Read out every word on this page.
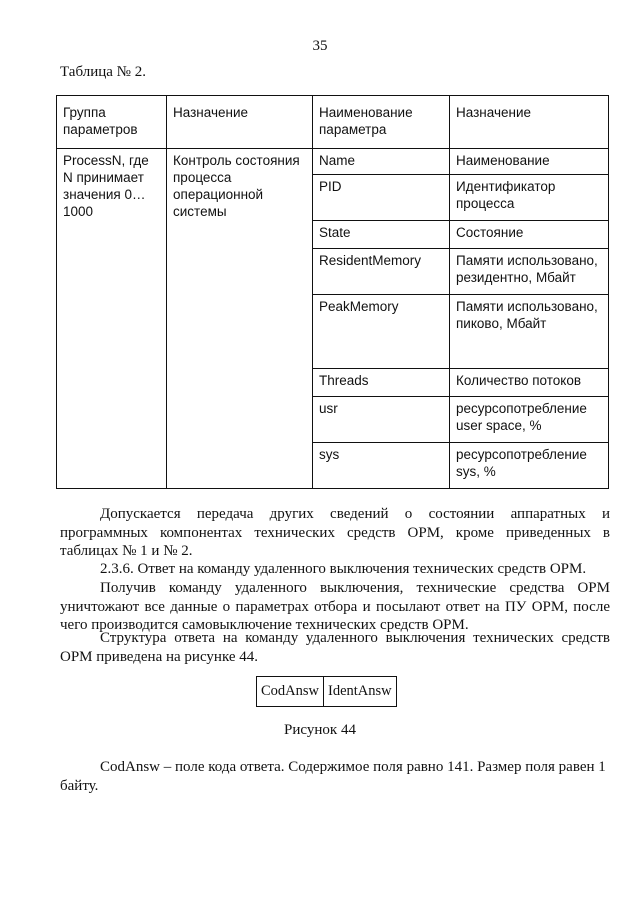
35
Таблица № 2.
Группа параметров	Назначение	Наименование параметра	Назначение
ProcessN, где N принимает значения 0…1000	Контроль состояния процесса операционной системы	Name	Наименование
		PID	Идентификатор процесса
		State	Состояние
		ResidentMemory	Памяти использовано, резидентно, Мбайт
		PeakMemory	Памяти использовано, пиково, Мбайт
		Threads	Количество потоков
		usr	ресурсопотребление user space, %
		sys	ресурсопотребление sys, %
Допускается передача других сведений о состоянии аппаратных и программных компонентах технических средств ОРМ, кроме приведенных в таблицах № 1 и № 2.
2.3.6. Ответ на команду удаленного выключения технических средств ОРМ.
Получив команду удаленного выключения, технические средства ОРМ уничтожают все данные о параметрах отбора и посылают ответ на ПУ ОРМ, после чего производится самовыключение технических средств ОРМ.
Структура ответа на команду удаленного выключения технических средств ОРМ приведена на рисунке 44.
CodAnsw	IdentAnsw
Рисунок 44
CodAnsw – поле кода ответа. Содержимое поля равно 141. Размер поля равен 1 байту.
